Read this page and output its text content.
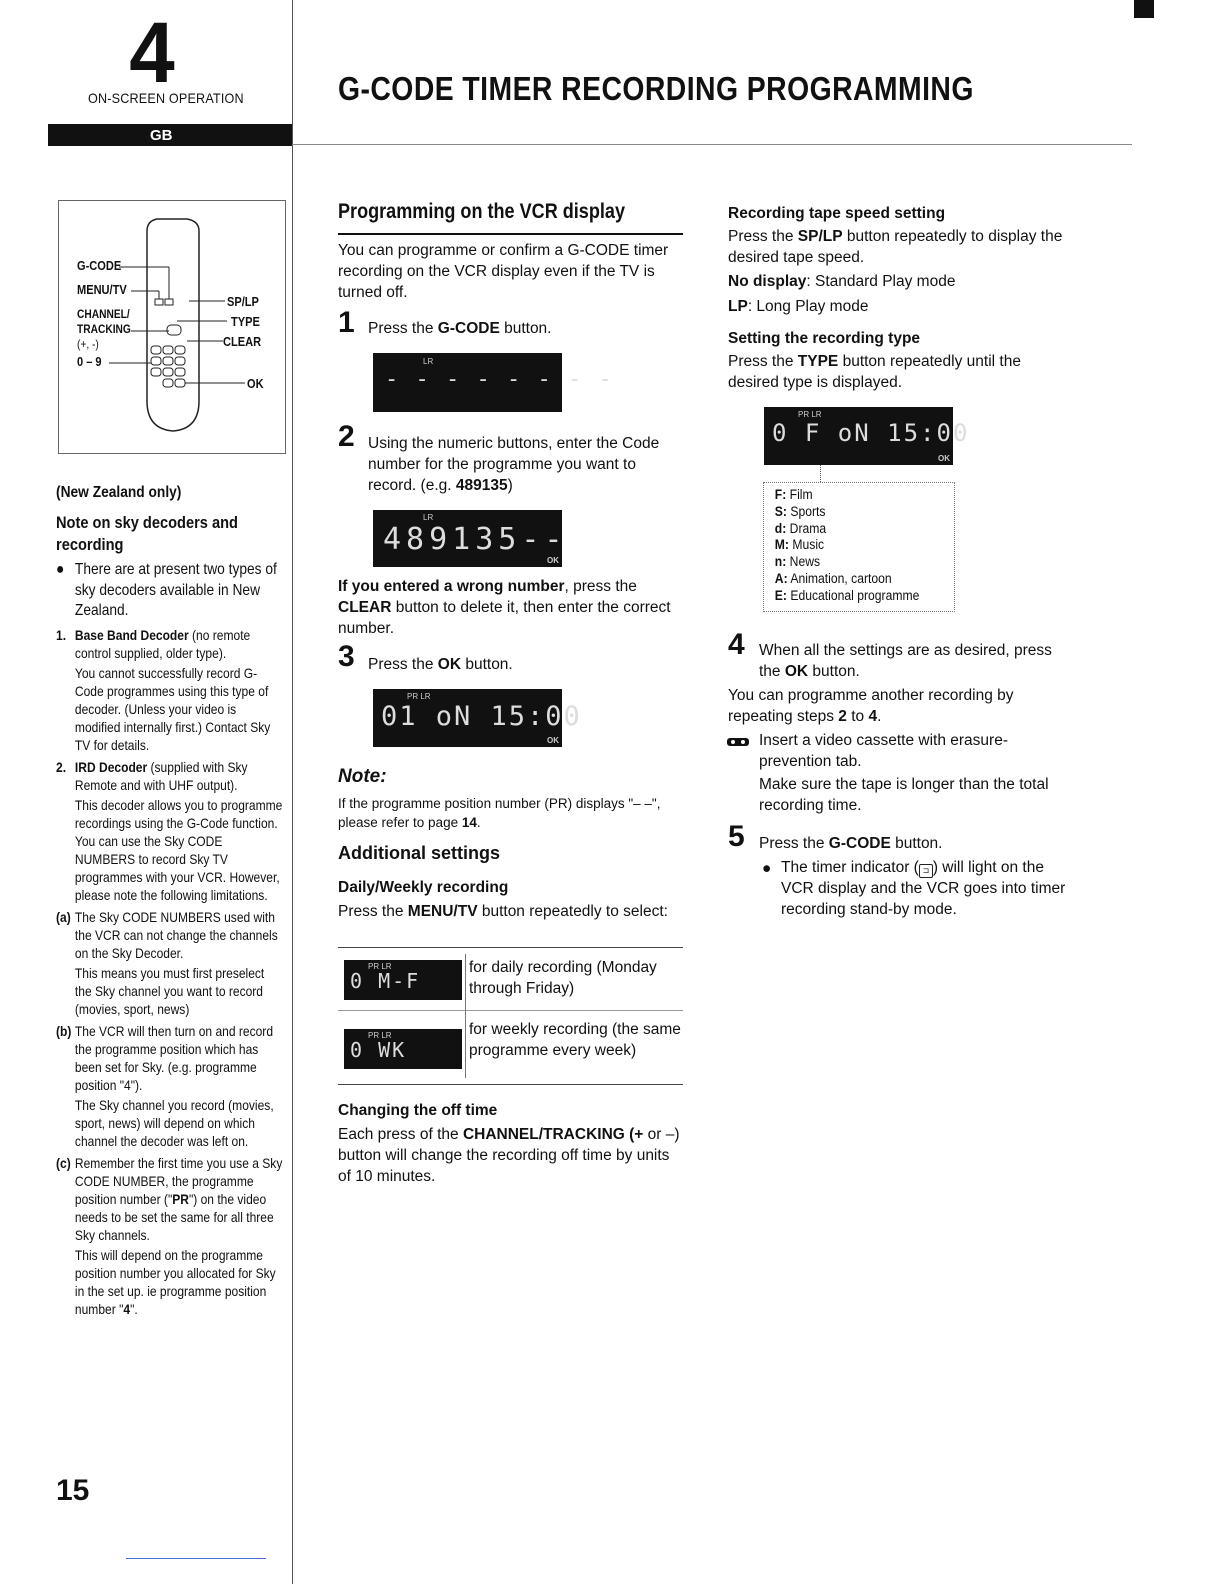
4
ON-SCREEN OPERATION
GB
G-CODE TIMER RECORDING PROGRAMMING
G-CODE
MENU/TV
CHANNEL/
TRACKING
(+, -)
0 – 9
SP/LP
TYPE
CLEAR
OK
(New Zealand only)
Note on sky decoders and recording
● There are at present two types of sky decoders available in New Zealand.
1. Base Band Decoder (no remote control supplied, older type).
You cannot successfully record G-Code programmes using this type of decoder. (Unless your video is modified internally first.) Contact Sky TV for details.
2. IRD Decoder (supplied with Sky Remote and with UHF output).
This decoder allows you to programme recordings using the G-Code function. You can use the Sky CODE NUMBERS to record Sky TV programmes with your VCR. However, please note the following limitations.
(a) The Sky CODE NUMBERS used with the VCR can not change the channels on the Sky Decoder.
This means you must first preselect the Sky channel you want to record (movies, sport, news)
(b) The VCR will then turn on and record the programme position which has been set for Sky. (e.g. programme position "4").
The Sky channel you record (movies, sport, news) will depend on which channel the decoder was left on.
(c) Remember the first time you use a Sky CODE NUMBER, the programme position number ("PR") on the video needs to be set the same for all three Sky channels.
This will depend on the programme position number you allocated for Sky in the set up. ie programme position number "4".
Programming on the VCR display
You can programme or confirm a G-CODE timer recording on the VCR display even if the TV is turned off.
1 Press the G-CODE button.
LR
- - - - - - - -
2 Using the numeric buttons, enter the Code number for the programme you want to record. (e.g. 489135)
LR
489135--
OK
If you entered a wrong number, press the CLEAR button to delete it, then enter the correct number.
3 Press the OK button.
PR LR
01 oN 15:00
OK
Note:
If the programme position number (PR) displays "– –", please refer to page 14.
Additional settings
Daily/Weekly recording
Press the MENU/TV button repeatedly to select:
PR LR
0 M-F
for daily recording (Monday through Friday)
PR LR
0 WK
for weekly recording (the same programme every week)
Changing the off time
Each press of the CHANNEL/TRACKING (+ or –) button will change the recording off time by units of 10 minutes.
Recording tape speed setting
Press the SP/LP button repeatedly to display the desired tape speed.
No display: Standard Play mode
LP: Long Play mode
Setting the recording type
Press the TYPE button repeatedly until the desired type is displayed.
PR LR
0 F oN 15:00
OK
F: Film
S: Sports
d: Drama
M: Music
n: News
A: Animation, cartoon
E: Educational programme
4 When all the settings are as desired, press the OK button.
You can programme another recording by repeating steps 2 to 4.
Insert a video cassette with erasure-prevention tab.
Make sure the tape is longer than the total recording time.
5 Press the G-CODE button.
● The timer indicator ( ⊐ ) will light on the VCR display and the VCR goes into timer recording stand-by mode.
15
